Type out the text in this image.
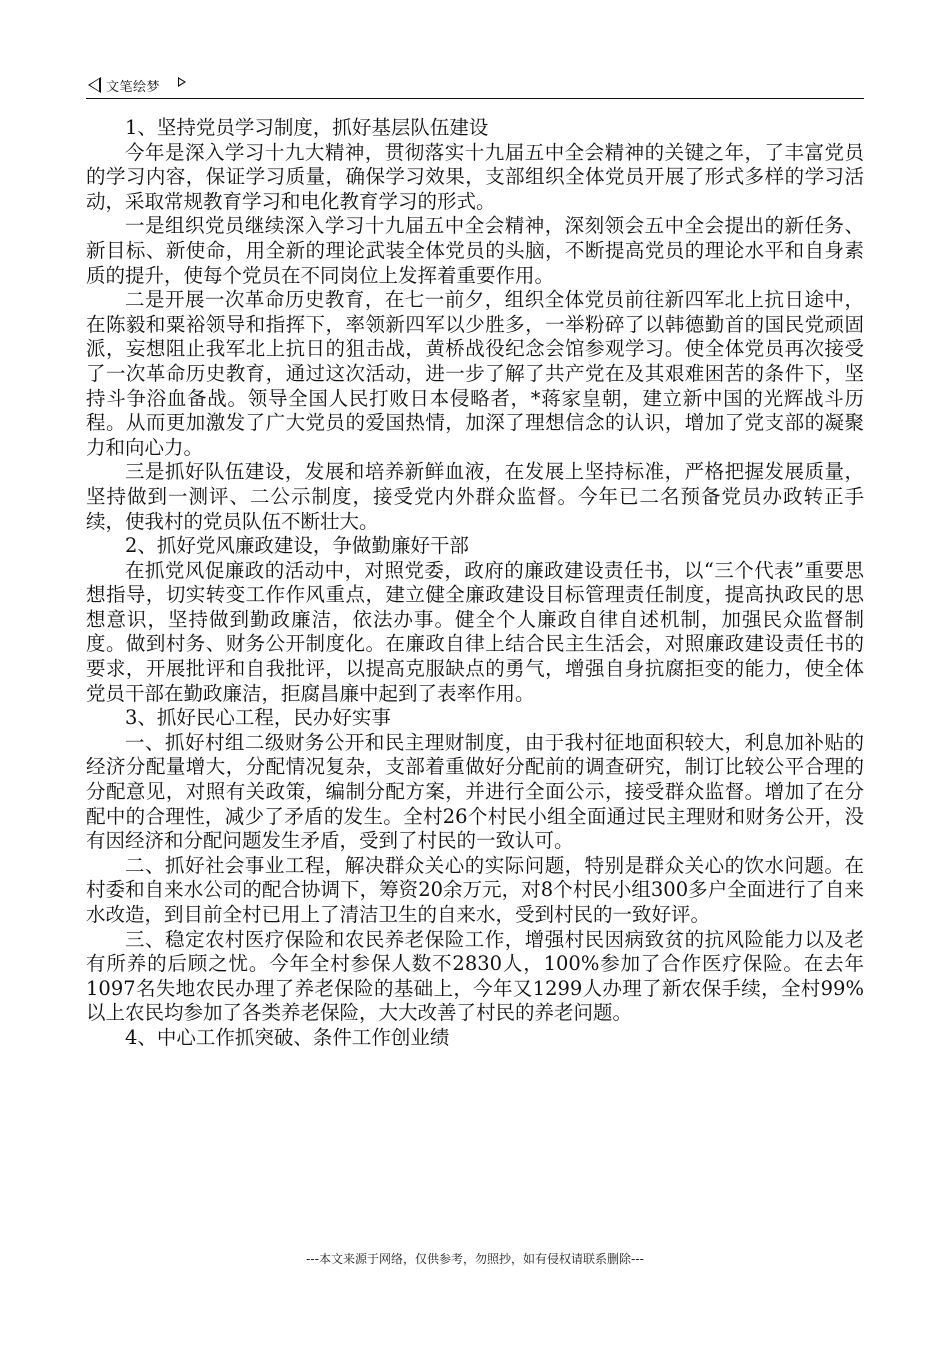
文笔绘梦

1、坚持党员学习制度，抓好基层队伍建设

今年是深入学习十九大精神，贯彻落实十九届五中全会精神的关键之年，了丰富党员的学习内容，保证学习质量，确保学习效果，支部组织全体党员开展了形式多样的学习活动，采取常规教育学习和电化教育学习的形式。

一是组织党员继续深入学习十九届五中全会精神，深刻领会五中全会提出的新任务、新目标、新使命，用全新的理论武装全体党员的头脑，不断提高党员的理论水平和自身素质的提升，使每个党员在不同岗位上发挥着重要作用。

二是开展一次革命历史教育，在七一前夕，组织全体党员前往新四军北上抗日途中，在陈毅和粟裕领导和指挥下，率领新四军以少胜多，一举粉碎了以韩德勤首的国民党顽固派，妄想阻止我军北上抗日的狙击战，黄桥战役纪念会馆参观学习。使全体党员再次接受了一次革命历史教育，通过这次活动，进一步了解了共产党在及其艰难困苦的条件下，坚持斗争浴血备战。领导全国人民打败日本侵略者，*蒋家皇朝，建立新中国的光辉战斗历程。从而更加激发了广大党员的爱国热情，加深了理想信念的认识，增加了党支部的凝聚力和向心力。

三是抓好队伍建设，发展和培养新鲜血液，在发展上坚持标准，严格把握发展质量，坚持做到一测评、二公示制度，接受党内外群众监督。今年已二名预备党员办政转正手续，使我村的党员队伍不断壮大。

2、抓好党风廉政建设，争做勤廉好干部

在抓党风促廉政的活动中，对照党委，政府的廉政建设责任书，以“三个代表”重要思想指导，切实转变工作作风重点，建立健全廉政建设目标管理责任制度，提高执政民的思想意识，坚持做到勤政廉洁，依法办事。健全个人廉政自律自述机制，加强民众监督制度。做到村务、财务公开制度化。在廉政自律上结合民主生活会，对照廉政建设责任书的要求，开展批评和自我批评，以提高克服缺点的勇气，增强自身抗腐拒变的能力，使全体党员干部在勤政廉洁，拒腐昌廉中起到了表率作用。

3、抓好民心工程，民办好实事

一、抓好村组二级财务公开和民主理财制度，由于我村征地面积较大，利息加补贴的经济分配量增大，分配情况复杂，支部着重做好分配前的调查研究，制订比较公平合理的分配意见，对照有关政策，编制分配方案，并进行全面公示，接受群众监督。增加了在分配中的合理性，减少了矛盾的发生。全村26个村民小组全面通过民主理财和财务公开，没有因经济和分配问题发生矛盾，受到了村民的一致认可。

二、抓好社会事业工程，解决群众关心的实际问题，特别是群众关心的饮水问题。在村委和自来水公司的配合协调下，筹资20余万元，对8个村民小组300多户全面进行了自来水改造，到目前全村已用上了清洁卫生的自来水，受到村民的一致好评。

三、稳定农村医疗保险和农民养老保险工作，增强村民因病致贫的抗风险能力以及老有所养的后顾之忧。今年全村参保人数不2830人，100%参加了合作医疗保险。在去年1097名失地农民办理了养老保险的基础上，今年又1299人办理了新农保手续，全村99%以上农民均参加了各类养老保险，大大改善了村民的养老问题。

4、中心工作抓突破、条件工作创业绩

---本文来源于网络，仅供参考，勿照抄，如有侵权请联系删除---
